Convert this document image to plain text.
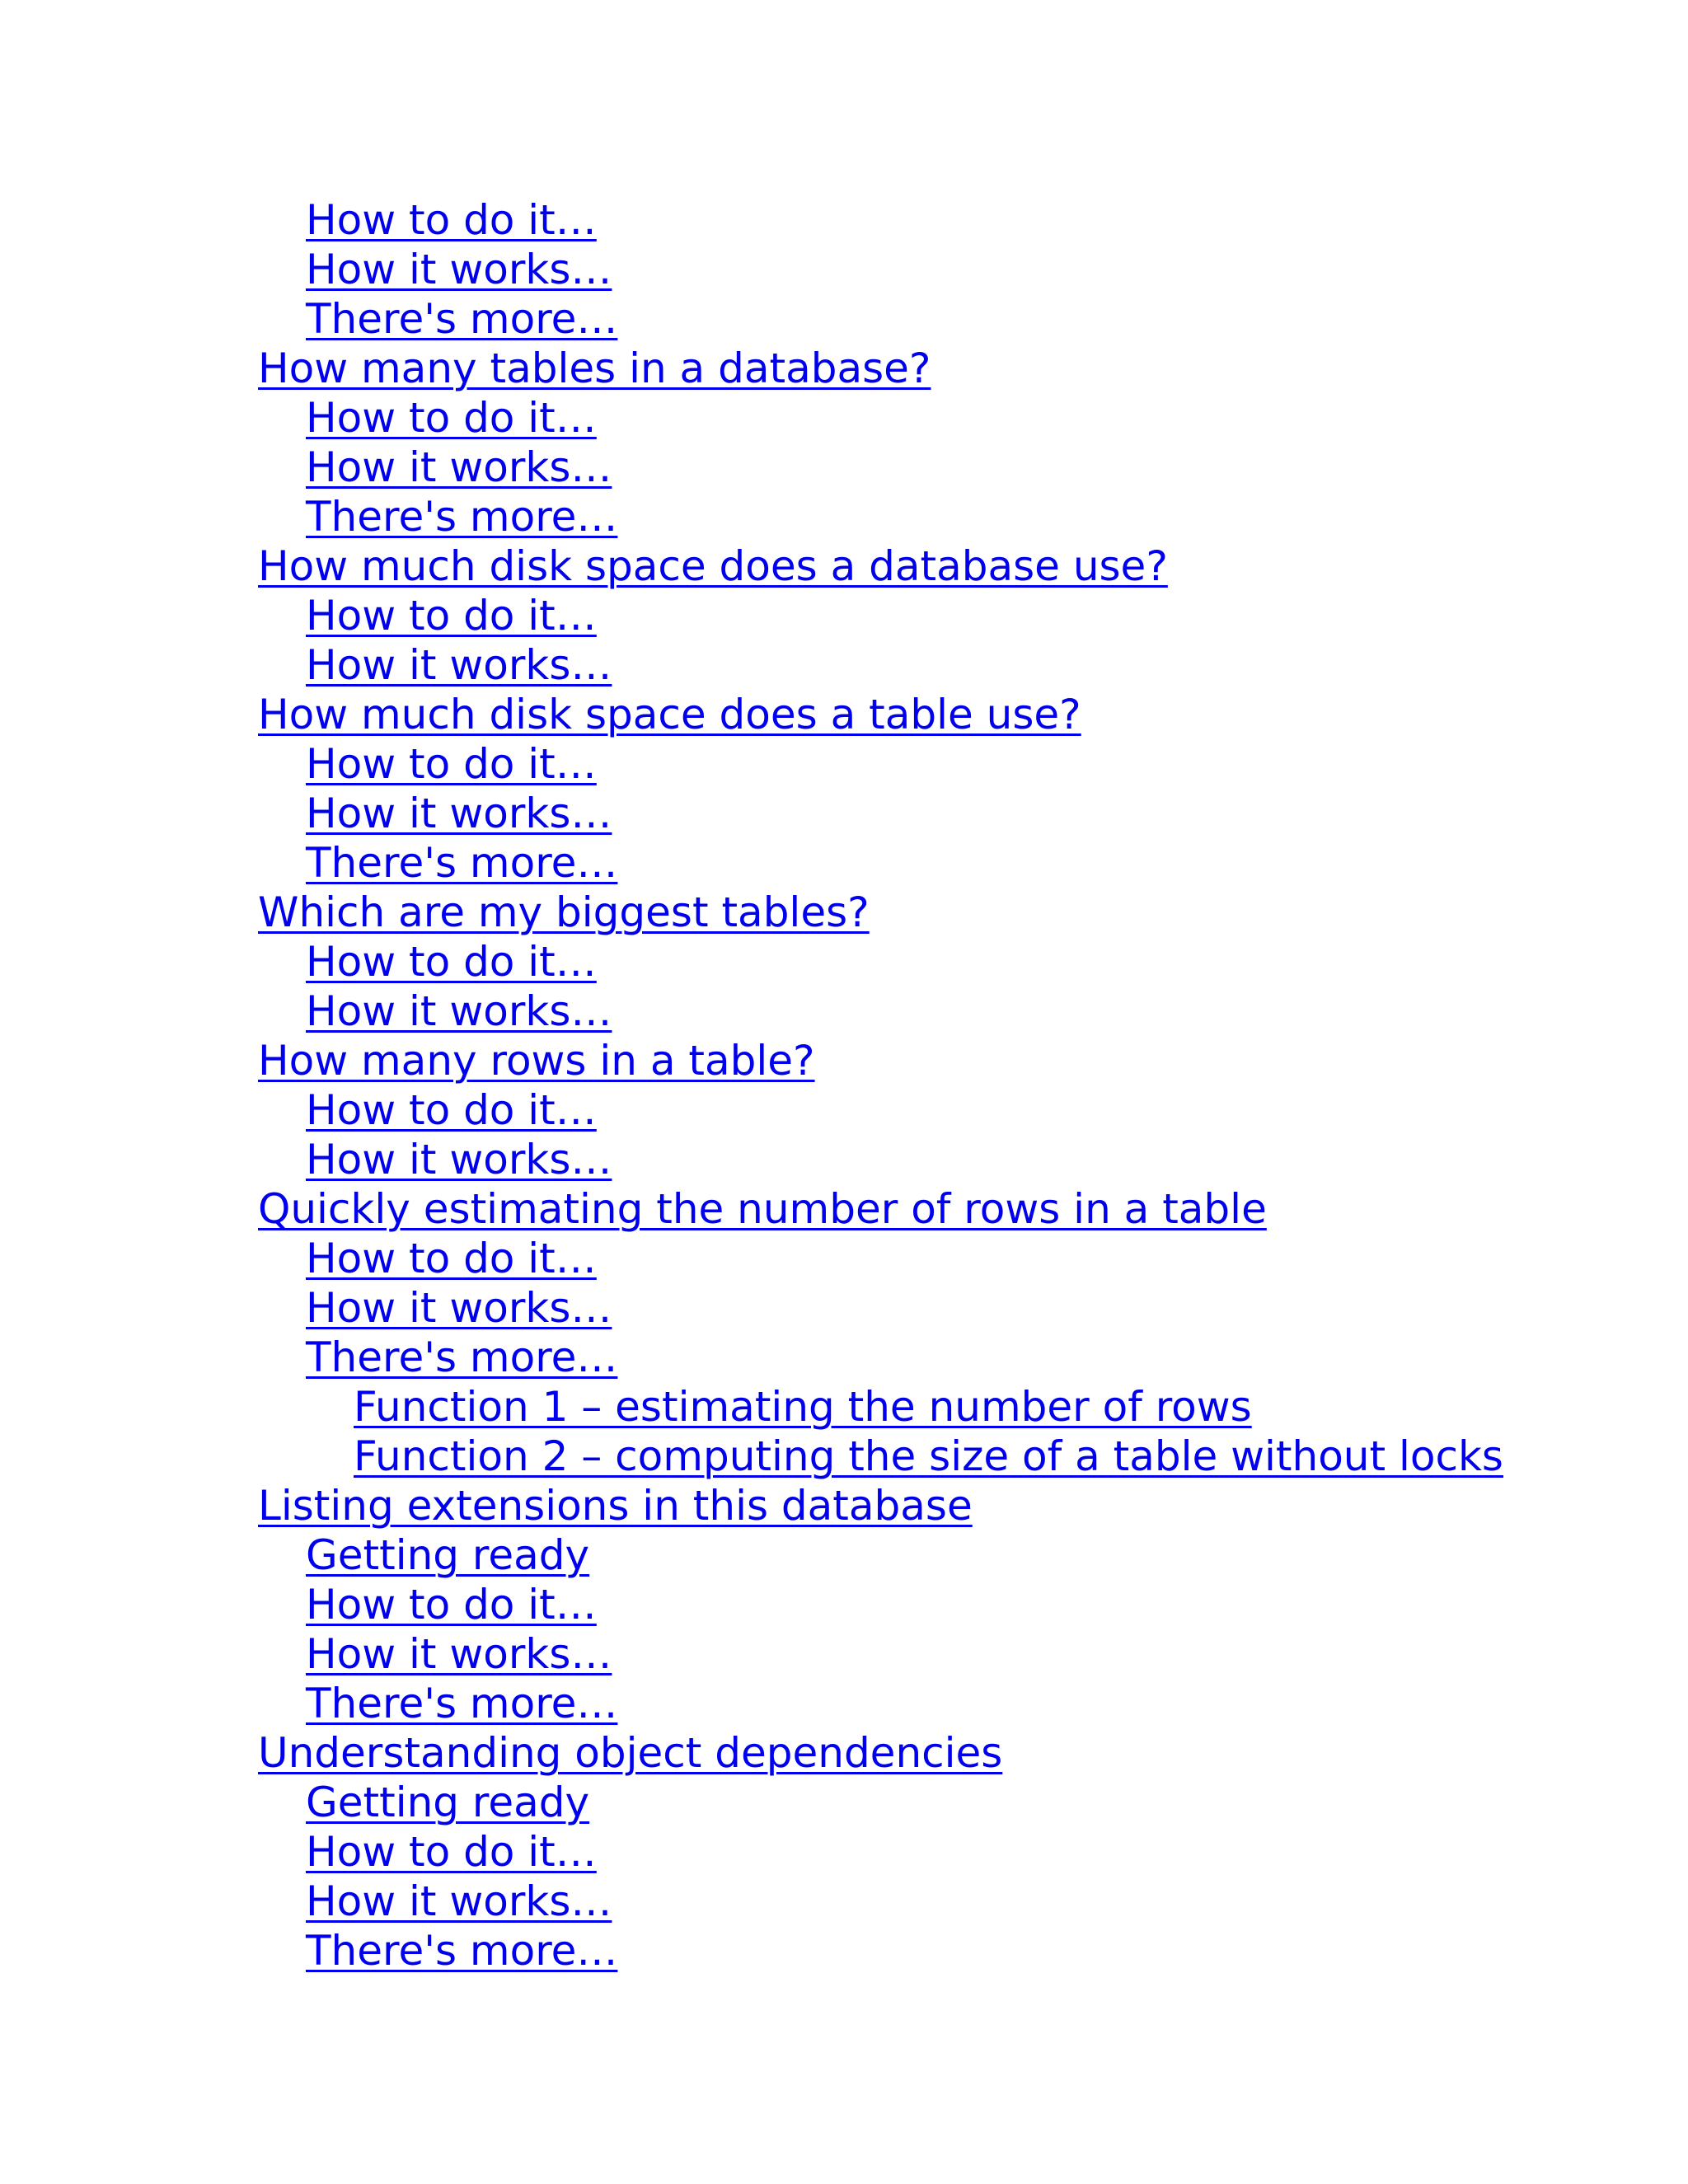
How to do it…
How it works…
There's more…
How many tables in a database?
How to do it…
How it works…
There's more…
How much disk space does a database use?
How to do it…
How it works…
How much disk space does a table use?
How to do it…
How it works…
There's more…
Which are my biggest tables?
How to do it…
How it works…
How many rows in a table?
How to do it…
How it works…
Quickly estimating the number of rows in a table
How to do it…
How it works…
There's more…
Function 1 – estimating the number of rows
Function 2 – computing the size of a table without locks
Listing extensions in this database
Getting ready
How to do it…
How it works…
There's more…
Understanding object dependencies
Getting ready
How to do it…
How it works…
There's more…
